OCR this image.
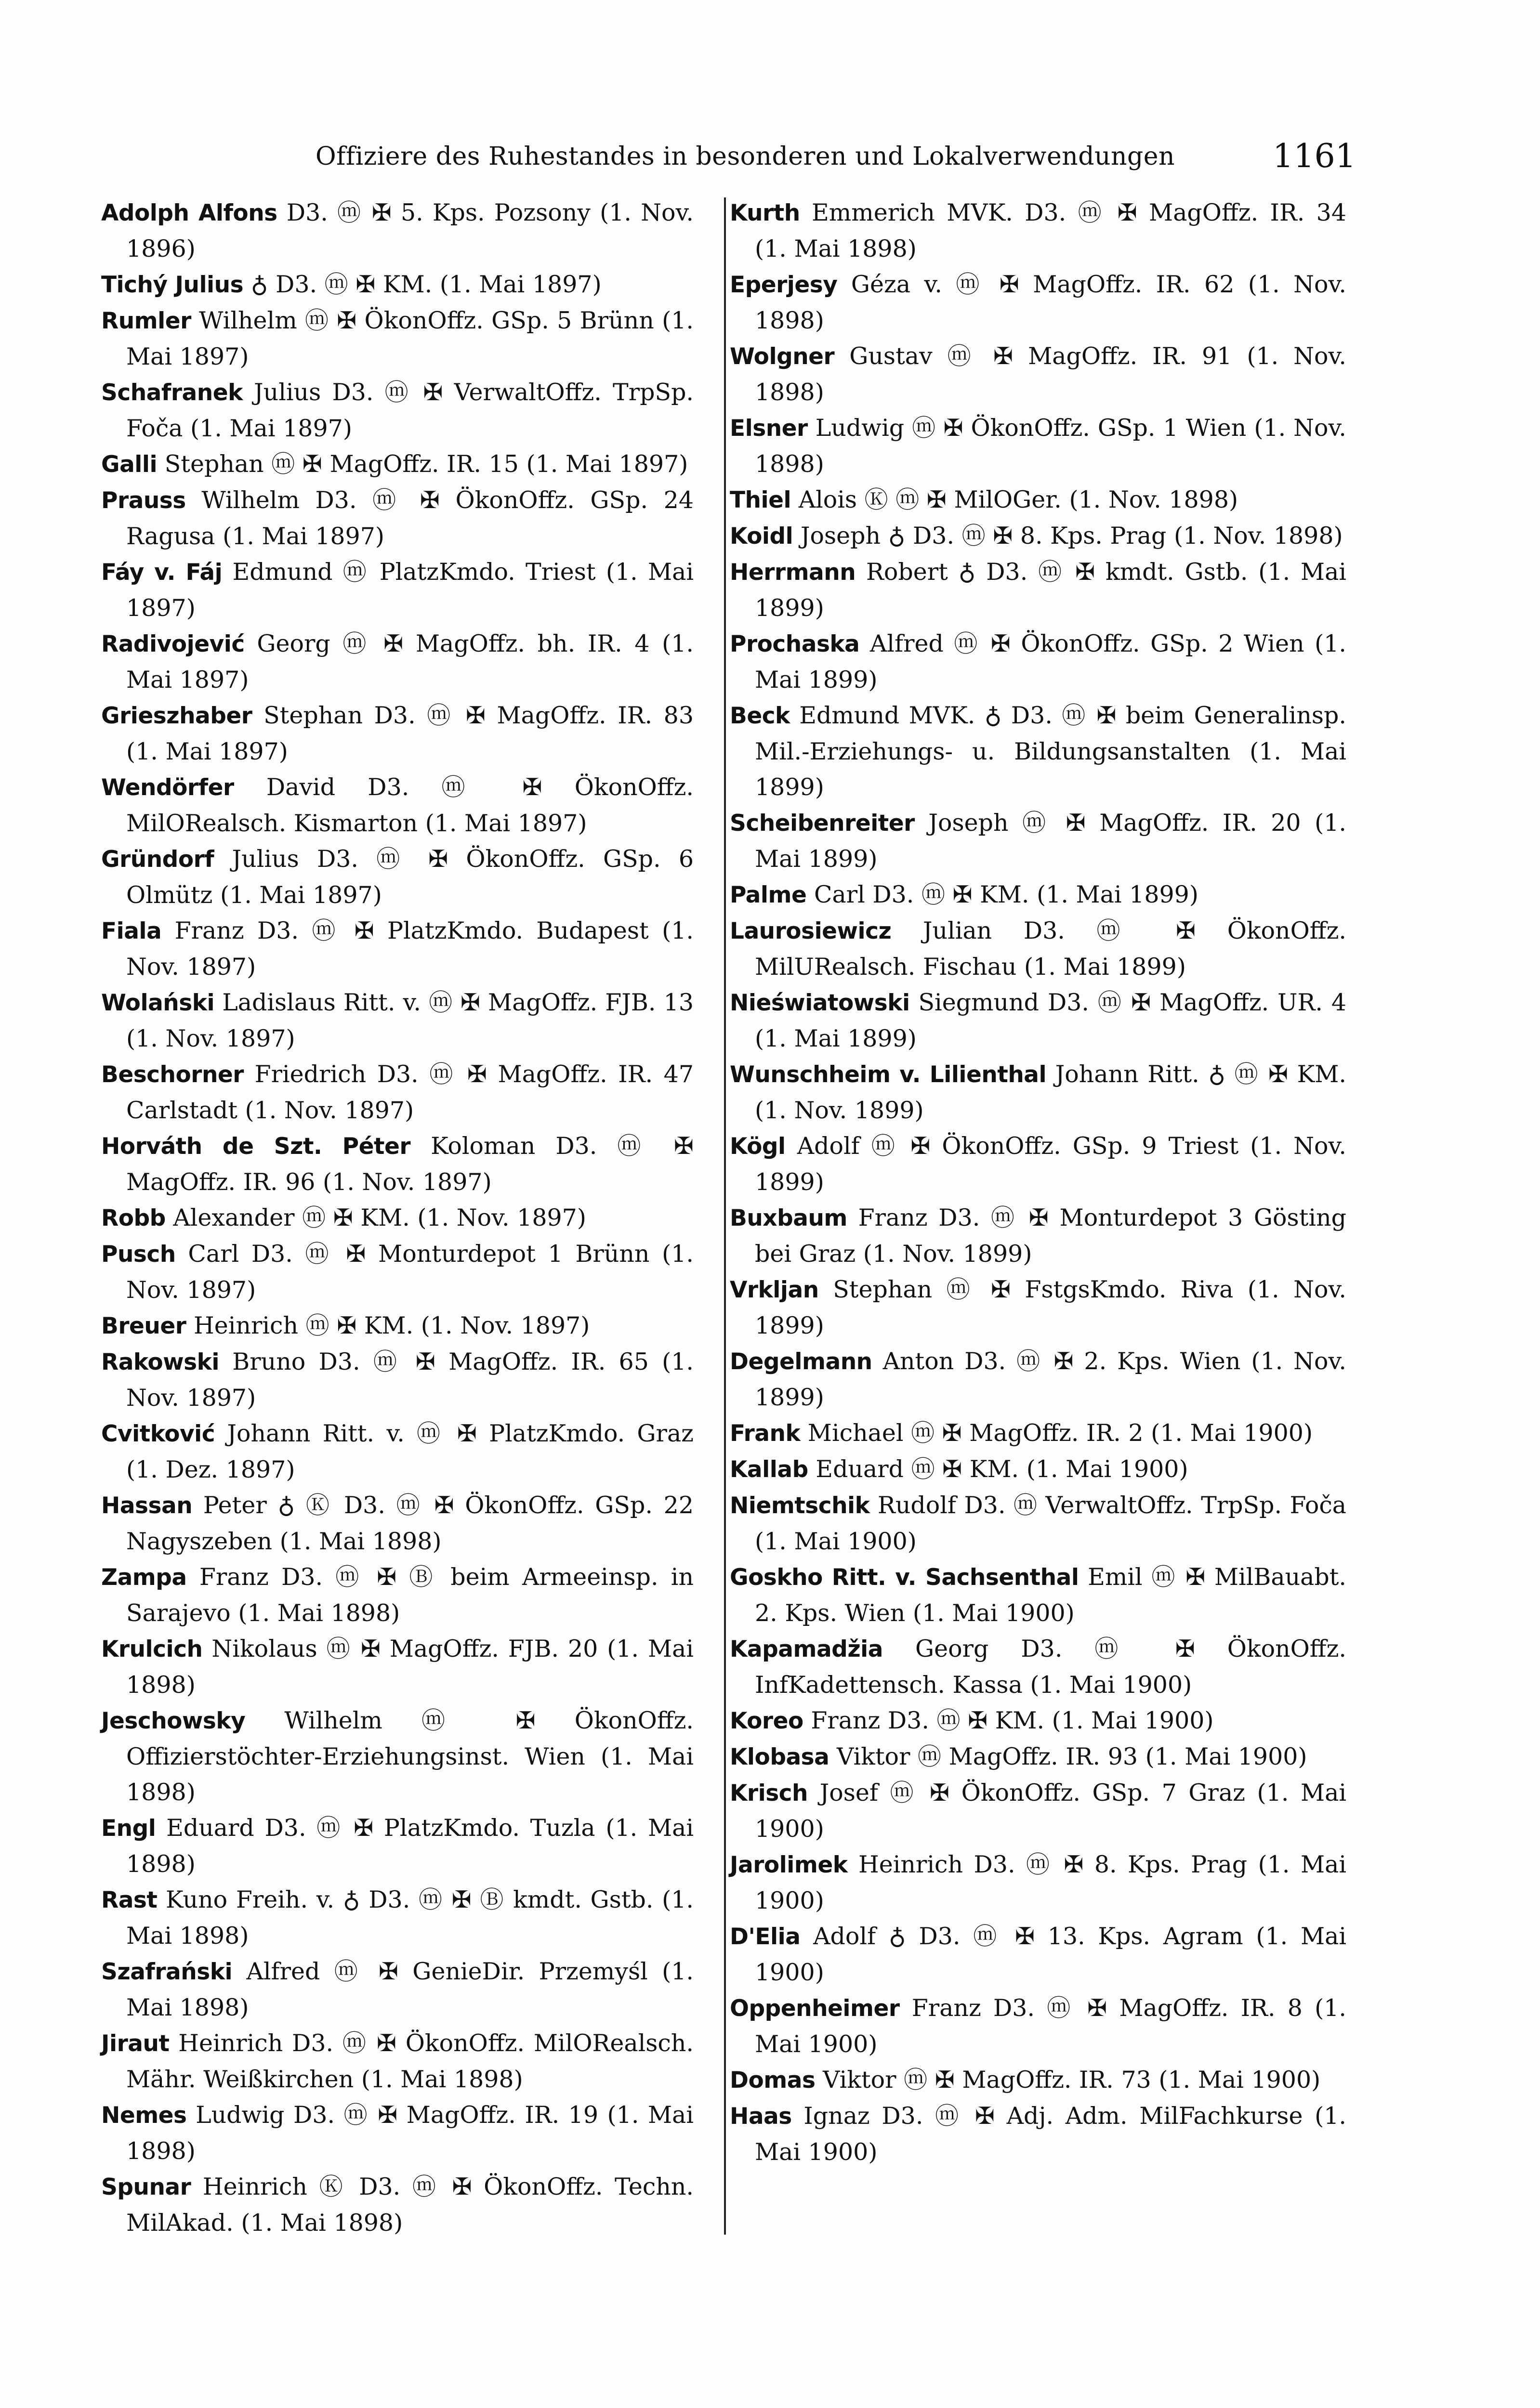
Offiziere des Ruhestandes in besonderen und Lokalverwendungen	1161

Adolph Alfons D3. ⓜ ✠ 5. Kps. Pozsony (1. Nov. 1896)

Tichý Julius ♁ D3. ⓜ ✠ KM. (1. Mai 1897)

Rumler Wilhelm ⓜ ✠ ÖkonOffz. GSp. 5 Brünn (1. Mai 1897)

Schafranek Julius D3. ⓜ ✠ VerwaltOffz. TrpSp. Foča (1. Mai 1897)

Galli Stephan ⓜ ✠ MagOffz. IR. 15 (1. Mai 1897)

Prauss Wilhelm D3. ⓜ ✠ ÖkonOffz. GSp. 24 Ragusa (1. Mai 1897)

Fáy v. Fáj Edmund ⓜ PlatzKmdo. Triest (1. Mai 1897)

Radivojević Georg ⓜ ✠ MagOffz. bh. IR. 4 (1. Mai 1897)

Grieszhaber Stephan D3. ⓜ ✠ MagOffz. IR. 83 (1. Mai 1897)

Wendörfer David D3. ⓜ ✠ ÖkonOffz. MilORealsch. Kismarton (1. Mai 1897)

Gründorf Julius D3. ⓜ ✠ ÖkonOffz. GSp. 6 Olmütz (1. Mai 1897)

Fiala Franz D3. ⓜ ✠ PlatzKmdo. Budapest (1. Nov. 1897)

Wolański Ladislaus Ritt. v. ⓜ ✠ MagOffz. FJB. 13 (1. Nov. 1897)

Beschorner Friedrich D3. ⓜ ✠ MagOffz. IR. 47 Carlstadt (1. Nov. 1897)

Horváth de Szt. Péter Koloman D3. ⓜ ✠ MagOffz. IR. 96 (1. Nov. 1897)

Robb Alexander ⓜ ✠ KM. (1. Nov. 1897)

Pusch Carl D3. ⓜ ✠ Monturdepot 1 Brünn (1. Nov. 1897)

Breuer Heinrich ⓜ ✠ KM. (1. Nov. 1897)

Rakowski Bruno D3. ⓜ ✠ MagOffz. IR. 65 (1. Nov. 1897)

Cvitković Johann Ritt. v. ⓜ ✠ PlatzKmdo. Graz (1. Dez. 1897)

Hassan Peter ♁ Ⓚ D3. ⓜ ✠ ÖkonOffz. GSp. 22 Nagyszeben (1. Mai 1898)

Zampa Franz D3. ⓜ ✠ Ⓑ beim Armeeinsp. in Sarajevo (1. Mai 1898)

Krulcich Nikolaus ⓜ ✠ MagOffz. FJB. 20 (1. Mai 1898)

Jeschowsky Wilhelm ⓜ ✠ ÖkonOffz. Offizierstöchter-Erziehungsinst. Wien (1. Mai 1898)

Engl Eduard D3. ⓜ ✠ PlatzKmdo. Tuzla (1. Mai 1898)

Rast Kuno Freih. v. ♁ D3. ⓜ ✠ Ⓑ kmdt. Gstb. (1. Mai 1898)

Szafrański Alfred ⓜ ✠ GenieDir. Przemyśl (1. Mai 1898)

Jiraut Heinrich D3. ⓜ ✠ ÖkonOffz. MilORealsch. Mähr. Weißkirchen (1. Mai 1898)

Nemes Ludwig D3. ⓜ ✠ MagOffz. IR. 19 (1. Mai 1898)

Spunar Heinrich Ⓚ D3. ⓜ ✠ ÖkonOffz. Techn. MilAkad. (1. Mai 1898)

Kurth Emmerich MVK. D3. ⓜ ✠ MagOffz. IR. 34 (1. Mai 1898)

Eperjesy Géza v. ⓜ ✠ MagOffz. IR. 62 (1. Nov. 1898)

Wolgner Gustav ⓜ ✠ MagOffz. IR. 91 (1. Nov. 1898)

Elsner Ludwig ⓜ ✠ ÖkonOffz. GSp. 1 Wien (1. Nov. 1898)

Thiel Alois Ⓚ ⓜ ✠ MilOGer. (1. Nov. 1898)

Koidl Joseph ♁ D3. ⓜ ✠ 8. Kps. Prag (1. Nov. 1898)

Herrmann Robert ♁ D3. ⓜ ✠ kmdt. Gstb. (1. Mai 1899)

Prochaska Alfred ⓜ ✠ ÖkonOffz. GSp. 2 Wien (1. Mai 1899)

Beck Edmund MVK. ♁ D3. ⓜ ✠ beim Generalinsp. Mil.-Erziehungs- u. Bildungsanstalten (1. Mai 1899)

Scheibenreiter Joseph ⓜ ✠ MagOffz. IR. 20 (1. Mai 1899)

Palme Carl D3. ⓜ ✠ KM. (1. Mai 1899)

Laurosiewicz Julian D3. ⓜ ✠ ÖkonOffz. MilURealsch. Fischau (1. Mai 1899)

Nieświatowski Siegmund D3. ⓜ ✠ MagOffz. UR. 4 (1. Mai 1899)

Wunschheim v. Lilienthal Johann Ritt. ♁ ⓜ ✠ KM. (1. Nov. 1899)

Kögl Adolf ⓜ ✠ ÖkonOffz. GSp. 9 Triest (1. Nov. 1899)

Buxbaum Franz D3. ⓜ ✠ Monturdepot 3 Gösting bei Graz (1. Nov. 1899)

Vrkljan Stephan ⓜ ✠ FstgsKmdo. Riva (1. Nov. 1899)

Degelmann Anton D3. ⓜ ✠ 2. Kps. Wien (1. Nov. 1899)

Frank Michael ⓜ ✠ MagOffz. IR. 2 (1. Mai 1900)

Kallab Eduard ⓜ ✠ KM. (1. Mai 1900)

Niemtschik Rudolf D3. ⓜ VerwaltOffz. TrpSp. Foča (1. Mai 1900)

Goskho Ritt. v. Sachsenthal Emil ⓜ ✠ MilBauabt. 2. Kps. Wien (1. Mai 1900)

Kapamadžia Georg D3. ⓜ ✠ ÖkonOffz. InfKadettensch. Kassa (1. Mai 1900)

Koreo Franz D3. ⓜ ✠ KM. (1. Mai 1900)

Klobasa Viktor ⓜ MagOffz. IR. 93 (1. Mai 1900)

Krisch Josef ⓜ ✠ ÖkonOffz. GSp. 7 Graz (1. Mai 1900)

Jarolimek Heinrich D3. ⓜ ✠ 8. Kps. Prag (1. Mai 1900)

D'Elia Adolf ♁ D3. ⓜ ✠ 13. Kps. Agram (1. Mai 1900)

Oppenheimer Franz D3. ⓜ ✠ MagOffz. IR. 8 (1. Mai 1900)

Domas Viktor ⓜ ✠ MagOffz. IR. 73 (1. Mai 1900)

Haas Ignaz D3. ⓜ ✠ Adj. Adm. MilFachkurse (1. Mai 1900)
